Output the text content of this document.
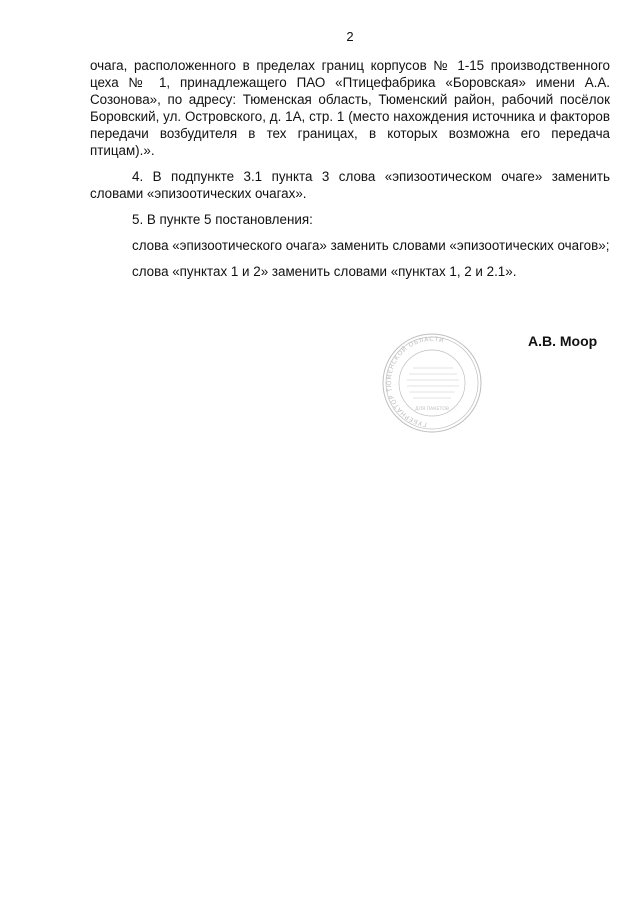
2

очага, расположенного в пределах границ корпусов № 1-15 производственного цеха № 1, принадлежащего ПАО «Птицефабрика «Боровская» имени А.А. Созонова», по адресу: Тюменская область, Тюменский район, рабочий посёлок Боровский, ул. Островского, д. 1А, стр. 1 (место нахождения источника и факторов передачи возбудителя в тех границах, в которых возможна его передача птицам).».

4. В подпункте 3.1 пункта 3 слова «эпизоотическом очаге» заменить словами «эпизоотических очагах».

5. В пункте 5 постановления:

слова «эпизоотического очага» заменить словами «эпизоотических очагов»;

слова «пунктах 1 и 2» заменить словами «пунктах 1, 2 и 2.1».

ГУБЕРНАТОР ТЮМЕНСКОЙ ОБЛАСТИ
ДЛЯ ПАКЕТОВ
А.В. Моор
